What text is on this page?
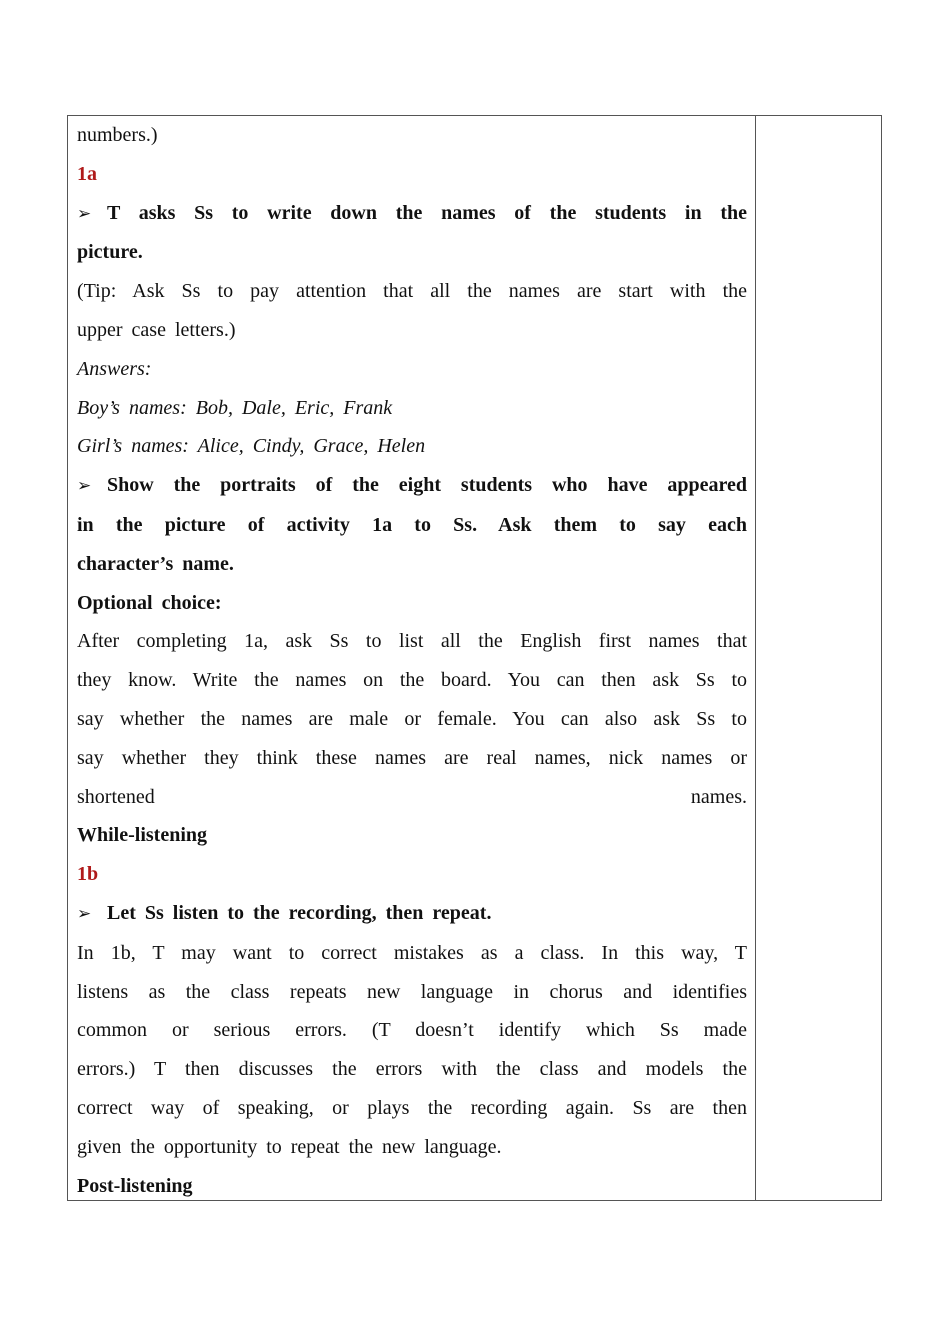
numbers.)

1a

➢ T asks Ss to write down the names of the students in the

picture.

(Tip: Ask Ss to pay attention that all the names are start with the

upper case letters.)

Answers:

Boy’s names: Bob, Dale, Eric, Frank

Girl’s names: Alice, Cindy, Grace, Helen

➢ Show the portraits of the eight students who have appeared

in the picture of activity 1a to Ss. Ask them to say each

character’s name.

Optional choice:

After completing 1a, ask Ss to list all the English first names that

they know. Write the names on the board. You can then ask Ss to

say whether the names are male or female. You can also ask Ss to

say whether they think these names are real names, nick names or

shortened names.

While-listening

1b

➢ Let Ss listen to the recording, then repeat.

In 1b, T may want to correct mistakes as a class. In this way, T

listens as the class repeats new language in chorus and identifies

common or serious errors. (T doesn’t identify which Ss made

errors.) T then discusses the errors with the class and models the

correct way of speaking, or plays the recording again. Ss are then

given the opportunity to repeat the new language.

Post-listening
